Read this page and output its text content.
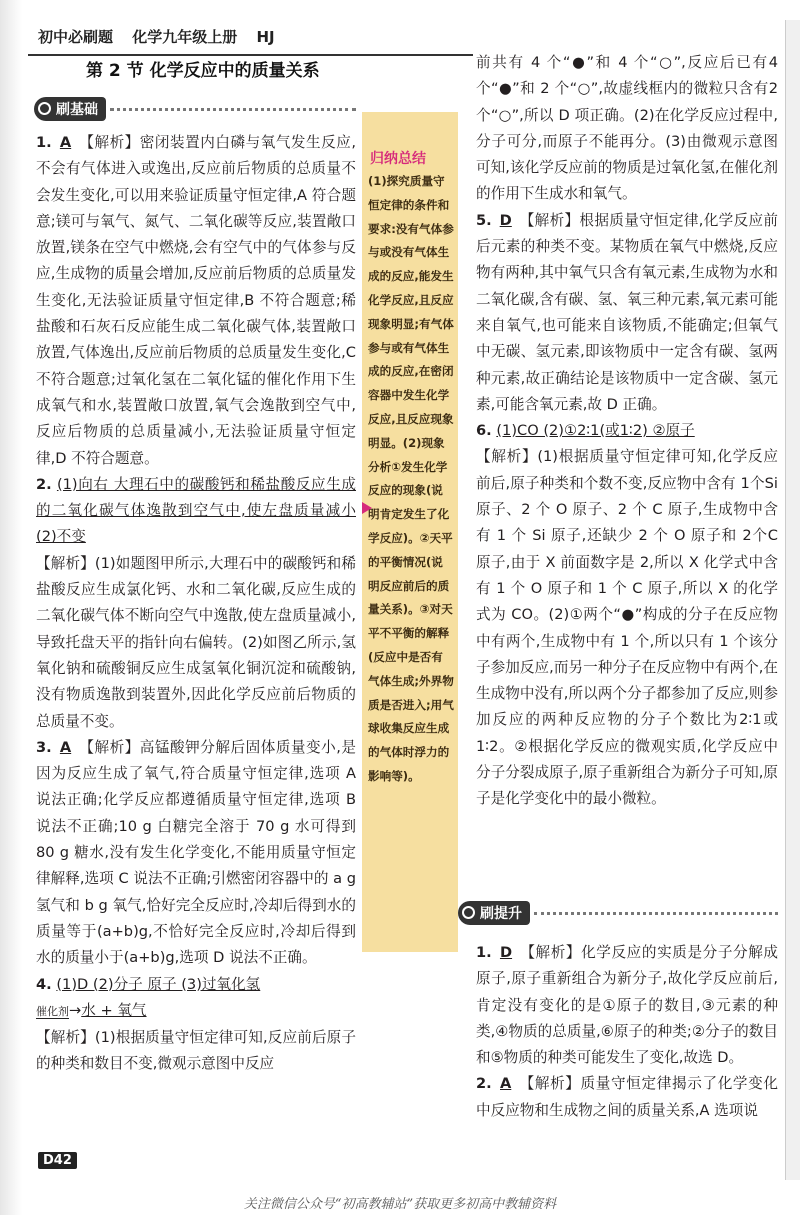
初中必刷题 化学九年级上册 HJ
第 2 节 化学反应中的质量关系
刷基础

1. A 【解析】密闭装置内白磷与氧气发生反应,不会有气体进入或逸出,反应前后物质的总质量不会发生变化,可以用来验证质量守恒定律,A 符合题意;镁可与氧气、氮气、二氧化碳等反应,装置敞口放置,镁条在空气中燃烧,会有空气中的气体参与反应,生成物的质量会增加,反应前后物质的总质量发生变化,无法验证质量守恒定律,B 不符合题意;稀盐酸和石灰石反应能生成二氧化碳气体,装置敞口放置,气体逸出,反应前后物质的总质量发生变化,C 不符合题意;过氧化氢在二氧化锰的催化作用下生成氧气和水,装置敞口放置,氧气会逸散到空气中,反应后物质的总质量减小,无法验证质量守恒定律,D 不符合题意。

2. (1)向右 大理石中的碳酸钙和稀盐酸反应生成的二氧化碳气体逸散到空气中,使左盘质量减小 (2)不变

【解析】(1)如题图甲所示,大理石中的碳酸钙和稀盐酸反应生成氯化钙、水和二氧化碳,反应生成的二氧化碳气体不断向空气中逸散,使左盘质量减小,导致托盘天平的指针向右偏转。(2)如图乙所示,氢氧化钠和硫酸铜反应生成氢氧化铜沉淀和硫酸钠,没有物质逸散到装置外,因此化学反应前后物质的总质量不变。

3. A 【解析】高锰酸钾分解后固体质量变小,是因为反应生成了氧气,符合质量守恒定律,选项 A 说法正确;化学反应都遵循质量守恒定律,选项 B 说法不正确;10 g 白糖完全溶于 70 g 水可得到 80 g 糖水,没有发生化学变化,不能用质量守恒定律解释,选项 C 说法不正确;引燃密闭容器中的 a g 氢气和 b g 氧气,恰好完全反应时,冷却后得到水的质量等于(a+b)g,不恰好完全反应时,冷却后得到水的质量小于(a+b)g,选项 D 说法不正确。

4. (1)D (2)分子 原子 (3)过氧化氢

催化剂→水 + 氧气

【解析】(1)根据质量守恒定律可知,反应前后原子的种类和数目不变,微观示意图中反应

归纳总结
(1)探究质量守恒定律的条件和要求:没有气体参与或没有气体生成的反应,能发生化学反应,且反应现象明显;有气体参与或有气体生成的反应,在密闭容器中发生化学反应,且反应现象明显。(2)现象分析①发生化学反应的现象(说明肯定发生了化学反应)。②天平的平衡情况(说明反应前后的质量关系)。③对天平不平衡的解释(反应中是否有气体生成;外界物质是否进入;用气球收集反应生成的气体时浮力的影响等)。

前共有 4 个“●”和 4 个“○”,反应后已有4个“●”和 2 个“○”,故虚线框内的微粒只含有2个“○”,所以 D 项正确。(2)在化学反应过程中,分子可分,而原子不能再分。(3)由微观示意图可知,该化学反应前的物质是过氧化氢,在催化剂的作用下生成水和氧气。

5. D 【解析】根据质量守恒定律,化学反应前后元素的种类不变。某物质在氧气中燃烧,反应物有两种,其中氧气只含有氧元素,生成物为水和二氧化碳,含有碳、氢、氧三种元素,氧元素可能来自氧气,也可能来自该物质,不能确定;但氧气中无碳、氢元素,即该物质中一定含有碳、氢两种元素,故正确结论是该物质中一定含碳、氢元素,可能含氧元素,故 D 正确。

6. (1)CO (2)①2∶1(或1∶2) ②原子

【解析】(1)根据质量守恒定律可知,化学反应前后,原子种类和个数不变,反应物中含有 1个Si 原子、2 个 O 原子、2 个 C 原子,生成物中含有 1 个 Si 原子,还缺少 2 个 O 原子和 2个C 原子,由于 X 前面数字是 2,所以 X 化学式中含有 1 个 O 原子和 1 个 C 原子,所以 X 的化学式为 CO。(2)①两个“●”构成的分子在反应物中有两个,生成物中有 1 个,所以只有 1 个该分子参加反应,而另一种分子在反应物中有两个,在生成物中没有,所以两个分子都参加了反应,则参加反应的两种反应物的分子个数比为2∶1或1∶2。②根据化学反应的微观实质,化学反应中分子分裂成原子,原子重新组合为新分子可知,原子是化学变化中的最小微粒。

刷提升

1. D 【解析】化学反应的实质是分子分解成原子,原子重新组合为新分子,故化学反应前后,肯定没有变化的是①原子的数目,③元素的种类,④物质的总质量,⑥原子的种类;②分子的数目和⑤物质的种类可能发生了变化,故选 D。

2. A 【解析】质量守恒定律揭示了化学变化中反应物和生成物之间的质量关系,A 选项说

D42
关注微信公众号“初高教辅站”获取更多初高中教辅资料
